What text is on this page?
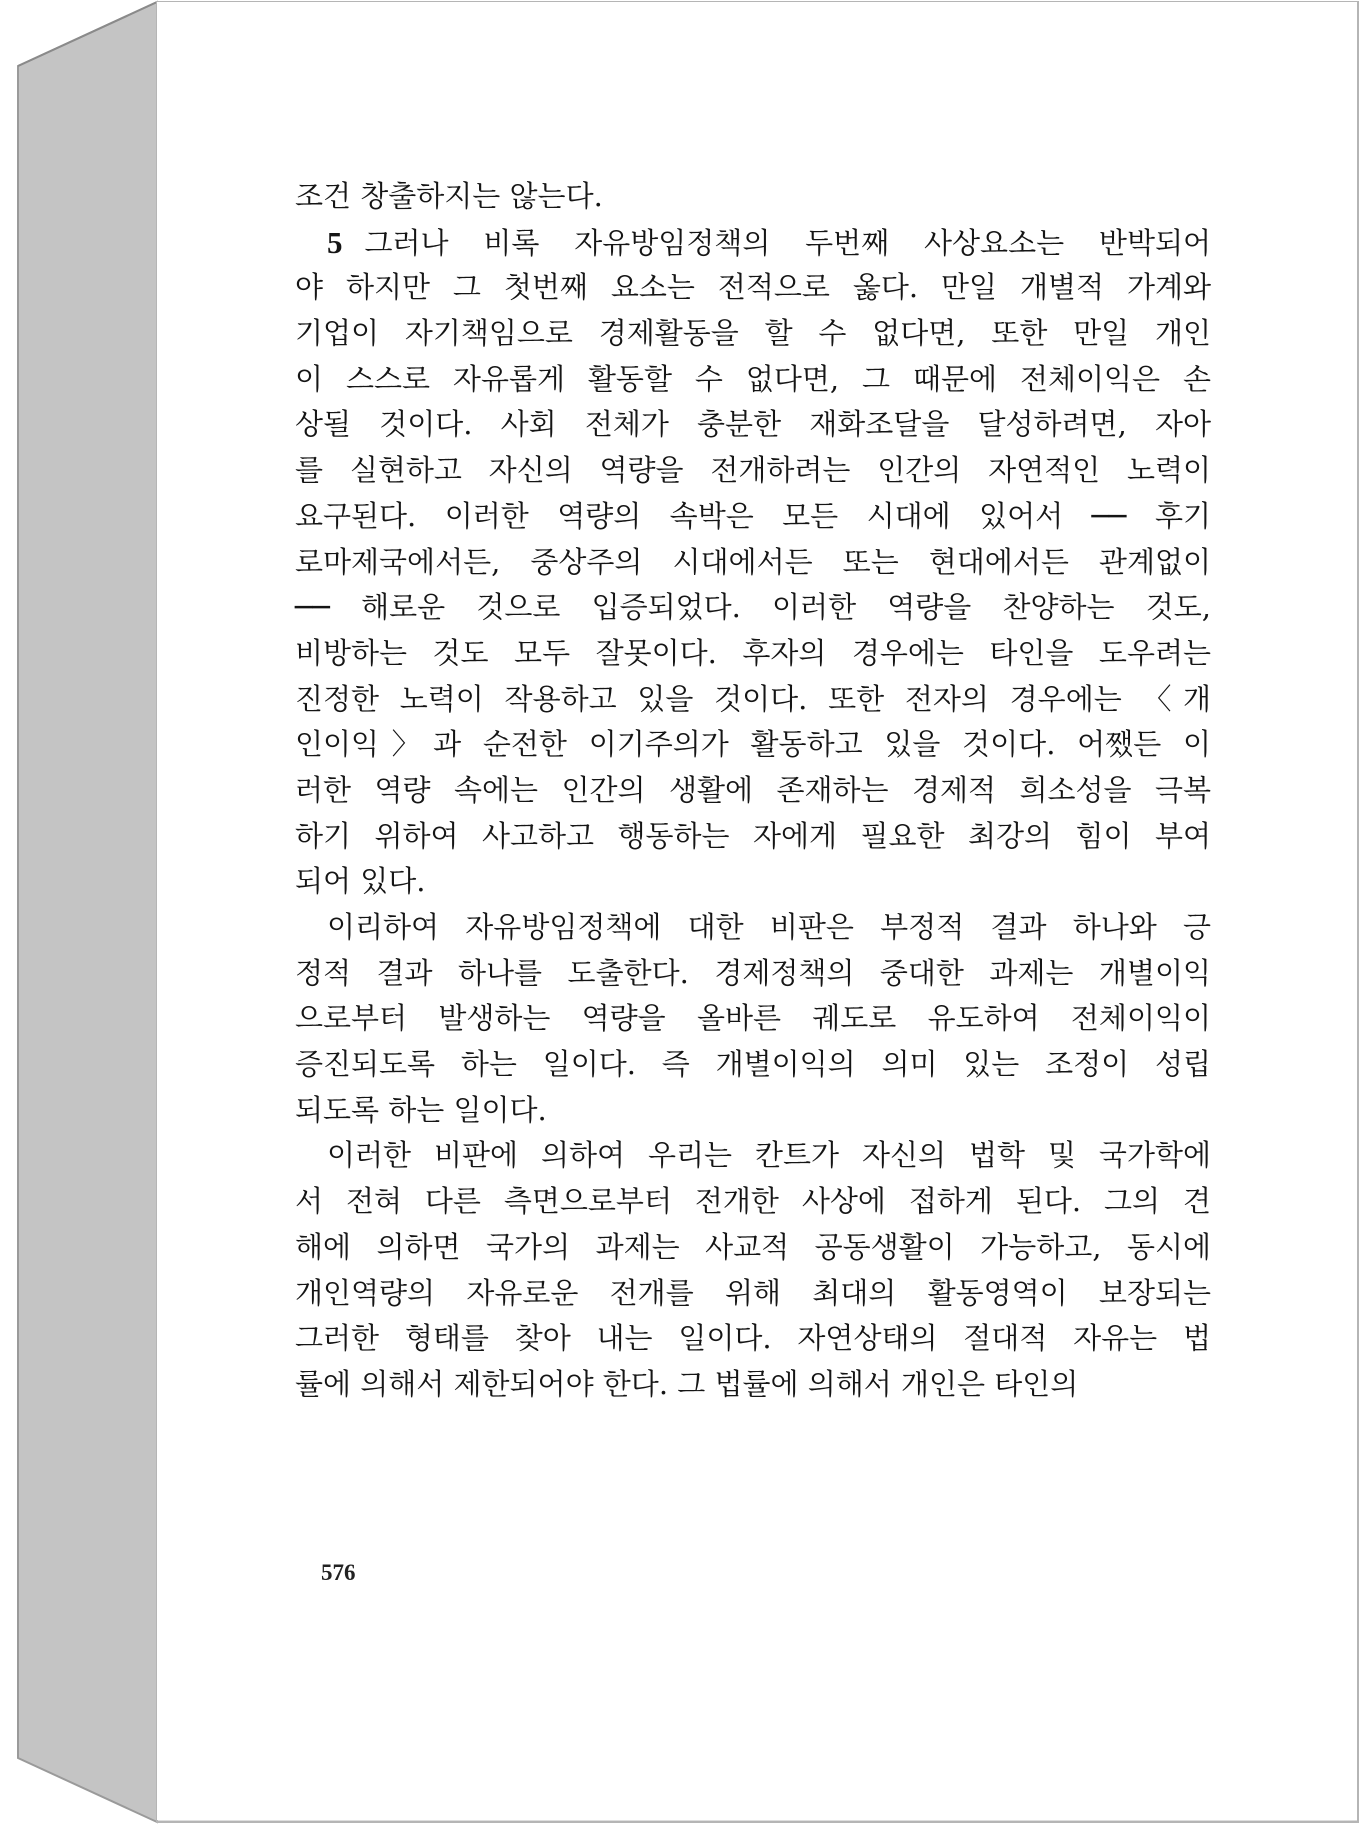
조건 창출하지는 않는다.
5 그러나 비록 자유방임정책의 두번째 사상요소는 반박되어
야 하지만 그 첫번째 요소는 전적으로 옳다. 만일 개별적 가계와
기업이 자기책임으로 경제활동을 할 수 없다면, 또한 만일 개인
이 스스로 자유롭게 활동할 수 없다면, 그 때문에 전체이익은 손
상될 것이다. 사회 전체가 충분한 재화조달을 달성하려면, 자아
를 실현하고 자신의 역량을 전개하려는 인간의 자연적인 노력이
요구된다. 이러한 역량의 속박은 모든 시대에 있어서 ── 후기
로마제국에서든, 중상주의 시대에서든 또는 현대에서든 관계없이
── 해로운 것으로 입증되었다. 이러한 역량을 찬양하는 것도,
비방하는 것도 모두 잘못이다. 후자의 경우에는 타인을 도우려는
진정한 노력이 작용하고 있을 것이다. 또한 전자의 경우에는 〈개
인이익〉과 순전한 이기주의가 활동하고 있을 것이다. 어쨌든 이
러한 역량 속에는 인간의 생활에 존재하는 경제적 희소성을 극복
하기 위하여 사고하고 행동하는 자에게 필요한 최강의 힘이 부여
되어 있다.
이리하여 자유방임정책에 대한 비판은 부정적 결과 하나와 긍
정적 결과 하나를 도출한다. 경제정책의 중대한 과제는 개별이익
으로부터 발생하는 역량을 올바른 궤도로 유도하여 전체이익이
증진되도록 하는 일이다. 즉 개별이익의 의미 있는 조정이 성립
되도록 하는 일이다.
이러한 비판에 의하여 우리는 칸트가 자신의 법학 및 국가학에
서 전혀 다른 측면으로부터 전개한 사상에 접하게 된다. 그의 견
해에 의하면 국가의 과제는 사교적 공동생활이 가능하고, 동시에
개인역량의 자유로운 전개를 위해 최대의 활동영역이 보장되는
그러한 형태를 찾아 내는 일이다. 자연상태의 절대적 자유는 법
률에 의해서 제한되어야 한다. 그 법률에 의해서 개인은 타인의
576
